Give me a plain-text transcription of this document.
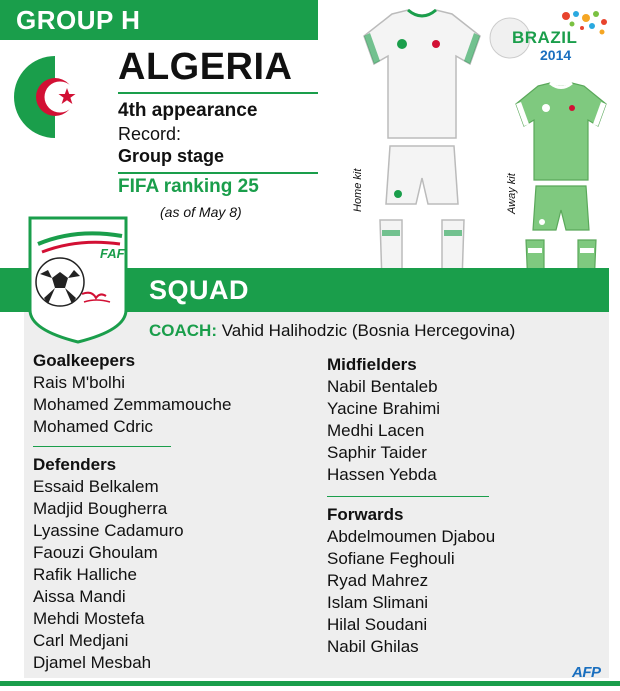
GROUP H
ALGERIA
4th appearance
Record:
Group stage
FIFA ranking 25
(as of May 8)	Home kit	Away kit
BRAZIL
2014
SQUAD
FAF
COACH: Vahid Halihodzic (Bosnia Hercegovina)
Goalkeepers
Rais M'bolhi
Mohamed Zemmamouche
Mohamed Cdric
Defenders
Essaid Belkalem
Madjid Bougherra
Lyassine Cadamuro
Faouzi Ghoulam
Rafik Halliche
Aissa Mandi
Mehdi Mostefa
Carl Medjani
Djamel Mesbah
Midfielders
Nabil Bentaleb
Yacine Brahimi
Medhi Lacen
Saphir Taider
Hassen Yebda
Forwards
Abdelmoumen Djabou
Sofiane Feghouli
Ryad Mahrez
Islam Slimani
Hilal Soudani
Nabil Ghilas
AFP
